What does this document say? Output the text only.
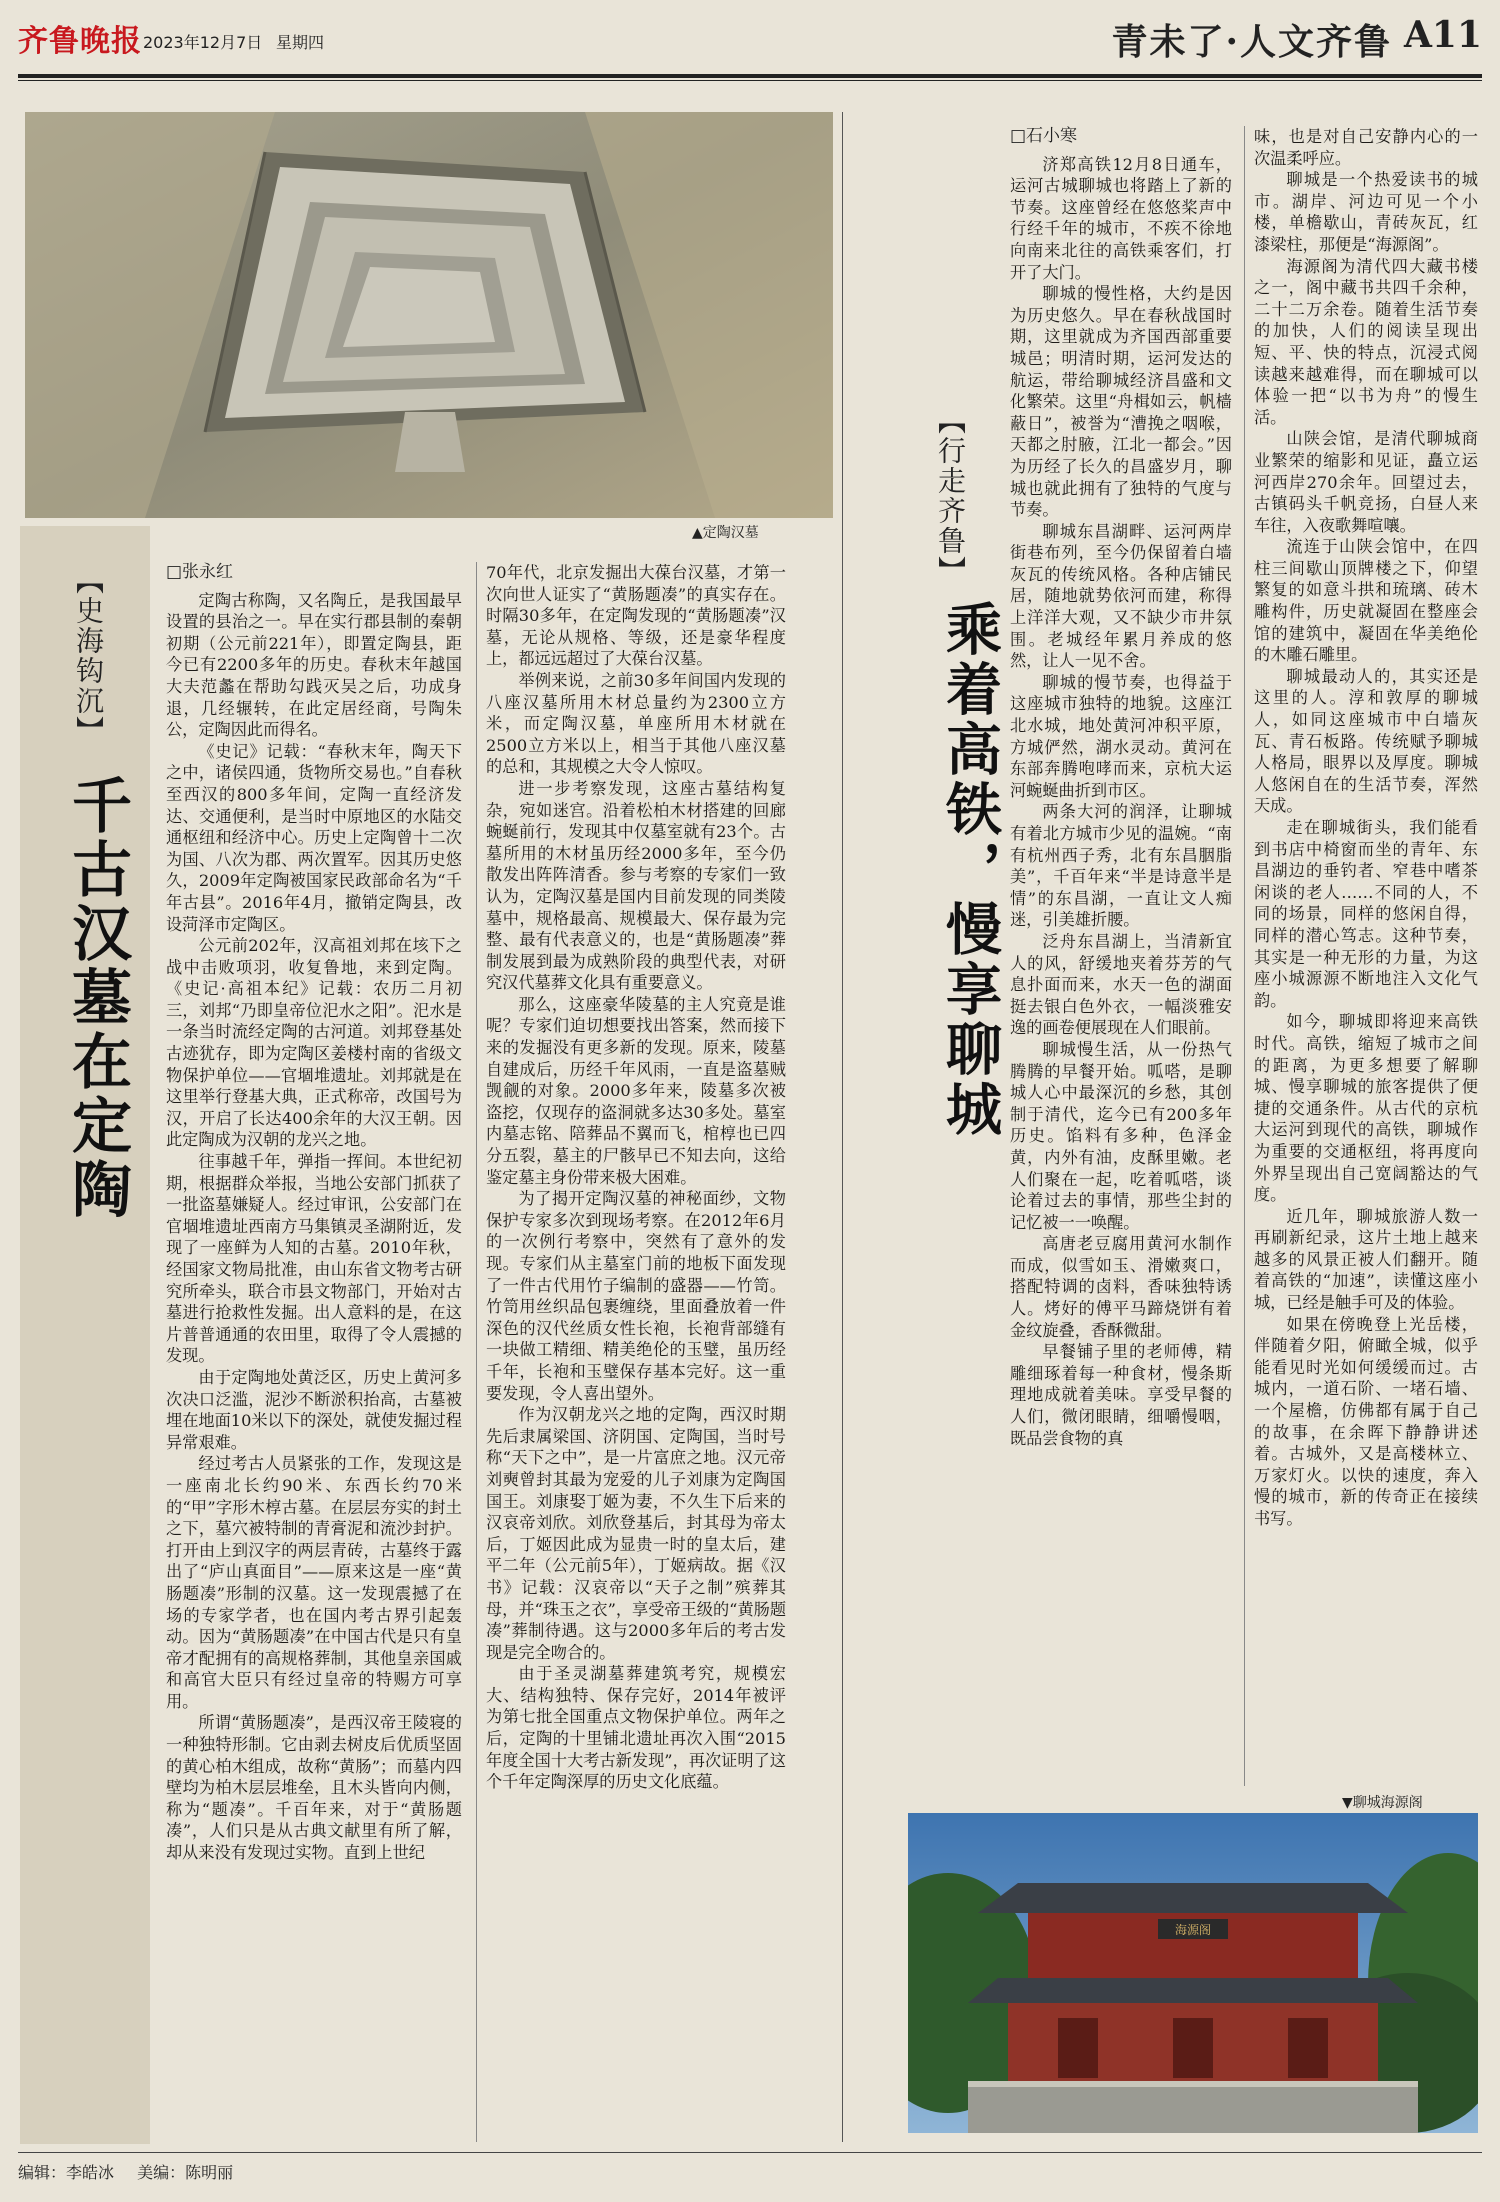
齐鲁晚报 2023年12月7日 星期四	青未了·人文齐鲁 A11
▲定陶汉墓
【史海钩沉】
千古汉墓在定陶
□张永红

定陶古称陶，又名陶丘，是我国最早设置的县治之一。早在实行郡县制的秦朝初期（公元前221年），即置定陶县，距今已有2200多年的历史。春秋末年越国大夫范蠡在帮助勾践灭吴之后，功成身退，几经辗转，在此定居经商，号陶朱公，定陶因此而得名。

《史记》记载：“春秋末年，陶天下之中，诸侯四通，货物所交易也。”自春秋至西汉的800多年间，定陶一直经济发达、交通便利，是当时中原地区的水陆交通枢纽和经济中心。历史上定陶曾十二次为国、八次为郡、两次置军。因其历史悠久，2009年定陶被国家民政部命名为“千年古县”。2016年4月，撤销定陶县，改设菏泽市定陶区。

公元前202年，汉高祖刘邦在垓下之战中击败项羽，收复鲁地，来到定陶。《史记·高祖本纪》记载：农历二月初三，刘邦“乃即皇帝位汜水之阳”。汜水是一条当时流经定陶的古河道。刘邦登基处古迹犹存，即为定陶区姜楼村南的省级文物保护单位——官堌堆遗址。刘邦就是在这里举行登基大典，正式称帝，改国号为汉，开启了长达400余年的大汉王朝。因此定陶成为汉朝的龙兴之地。

往事越千年，弹指一挥间。本世纪初期，根据群众举报，当地公安部门抓获了一批盗墓嫌疑人。经过审讯，公安部门在官堌堆遗址西南方马集镇灵圣湖附近，发现了一座鲜为人知的古墓。2010年秋，经国家文物局批准，由山东省文物考古研究所牵头，联合市县文物部门，开始对古墓进行抢救性发掘。出人意料的是，在这片普普通通的农田里，取得了令人震撼的发现。

由于定陶地处黄泛区，历史上黄河多次决口泛滥，泥沙不断淤积抬高，古墓被埋在地面10米以下的深处，就使发掘过程异常艰难。

经过考古人员紧张的工作，发现这是一座南北长约90米、东西长约70米的“甲”字形木椁古墓。在层层夯实的封土之下，墓穴被特制的青膏泥和流沙封护。打开由上到汉字的两层青砖，古墓终于露出了“庐山真面目”——原来这是一座“黄肠题凑”形制的汉墓。这一发现震撼了在场的专家学者，也在国内考古界引起轰动。因为“黄肠题凑”在中国古代是只有皇帝才配拥有的高规格葬制，其他皇亲国戚和高官大臣只有经过皇帝的特赐方可享用。

所谓“黄肠题凑”，是西汉帝王陵寝的一种独特形制。它由剥去树皮后优质坚固的黄心柏木组成，故称“黄肠”；而墓内四壁均为柏木层层堆垒，且木头皆向内侧，称为“题凑”。千百年来，对于“黄肠题凑”，人们只是从古典文献里有所了解，却从来没有发现过实物。直到上世纪

70年代，北京发掘出大葆台汉墓，才第一次向世人证实了“黄肠题凑”的真实存在。时隔30多年，在定陶发现的“黄肠题凑”汉墓，无论从规格、等级，还是豪华程度上，都远远超过了大葆台汉墓。

举例来说，之前30多年间国内发现的八座汉墓所用木材总量约为2300立方米，而定陶汉墓，单座所用木材就在2500立方米以上，相当于其他八座汉墓的总和，其规模之大令人惊叹。

进一步考察发现，这座古墓结构复杂，宛如迷宫。沿着松柏木材搭建的回廊蜿蜒前行，发现其中仅墓室就有23个。古墓所用的木材虽历经2000多年，至今仍散发出阵阵清香。参与考察的专家们一致认为，定陶汉墓是国内目前发现的同类陵墓中，规格最高、规模最大、保存最为完整、最有代表意义的，也是“黄肠题凑”葬制发展到最为成熟阶段的典型代表，对研究汉代墓葬文化具有重要意义。

那么，这座豪华陵墓的主人究竟是谁呢？专家们迫切想要找出答案，然而接下来的发掘没有更多新的发现。原来，陵墓自建成后，历经千年风雨，一直是盗墓贼觊觎的对象。2000多年来，陵墓多次被盗挖，仅现存的盗洞就多达30多处。墓室内墓志铭、陪葬品不翼而飞，棺椁也已四分五裂，墓主的尸骸早已不知去向，这给鉴定墓主身份带来极大困难。

为了揭开定陶汉墓的神秘面纱，文物保护专家多次到现场考察。在2012年6月的一次例行考察中，突然有了意外的发现。专家们从主墓室门前的地板下面发现了一件古代用竹子编制的盛器——竹笥。竹笥用丝织品包裹缠绕，里面叠放着一件深色的汉代丝质女性长袍，长袍背部缝有一块做工精细、精美绝伦的玉璧，虽历经千年，长袍和玉璧保存基本完好。这一重要发现，令人喜出望外。

作为汉朝龙兴之地的定陶，西汉时期先后隶属梁国、济阴国、定陶国，当时号称“天下之中”，是一片富庶之地。汉元帝刘奭曾封其最为宠爱的儿子刘康为定陶国国王。刘康娶丁姬为妻，不久生下后来的汉哀帝刘欣。刘欣登基后，封其母为帝太后，丁姬因此成为显贵一时的皇太后，建平二年（公元前5年），丁姬病故。据《汉书》记载：汉哀帝以“天子之制”殡葬其母，并“珠玉之衣”，享受帝王级的“黄肠题凑”葬制待遇。这与2000多年后的考古发现是完全吻合的。

由于圣灵湖墓葬建筑考究，规模宏大、结构独特、保存完好，2014年被评为第七批全国重点文物保护单位。两年之后，定陶的十里铺北遗址再次入围“2015年度全国十大考古新发现”，再次证明了这个千年定陶深厚的历史文化底蕴。

【行走齐鲁】
乘着高铁，慢享聊城
□石小寒

济郑高铁12月8日通车，运河古城聊城也将踏上了新的节奏。这座曾经在悠悠桨声中行经千年的城市，不疾不徐地向南来北往的高铁乘客们，打开了大门。

聊城的慢性格，大约是因为历史悠久。早在春秋战国时期，这里就成为齐国西部重要城邑；明清时期，运河发达的航运，带给聊城经济昌盛和文化繁荣。这里“舟楫如云，帆樯蔽日”，被誉为“漕挽之咽喉，天都之肘腋，江北一都会。”因为历经了长久的昌盛岁月，聊城也就此拥有了独特的气度与节奏。

聊城东昌湖畔、运河两岸街巷布列，至今仍保留着白墙灰瓦的传统风格。各种店铺民居，随地就势依河而建，称得上洋洋大观，又不缺少市井氛围。老城经年累月养成的悠然，让人一见不舍。

聊城的慢节奏，也得益于这座城市独特的地貌。这座江北水城，地处黄河冲积平原，方城俨然，湖水灵动。黄河在东部奔腾咆哮而来，京杭大运河蜿蜒曲折到市区。

两条大河的润泽，让聊城有着北方城市少见的温婉。“南有杭州西子秀，北有东昌胭脂美”，千百年来“半是诗意半是情”的东昌湖，一直让文人痴迷，引美雄折腰。

泛舟东昌湖上，当清新宜人的风，舒缓地夹着芬芳的气息扑面而来，水天一色的湖面挺去银白色外衣，一幅淡雅安逸的画卷便展现在人们眼前。

聊城慢生活，从一份热气腾腾的早餐开始。呱嗒，是聊城人心中最深沉的乡愁，其创制于清代，迄今已有200多年历史。馅料有多种，色泽金黄，内外有油，皮酥里嫩。老人们聚在一起，吃着呱嗒，谈论着过去的事情，那些尘封的记忆被一一唤醒。

高唐老豆腐用黄河水制作而成，似雪如玉、滑嫩爽口，搭配特调的卤料，香味独特诱人。烤好的傅平马蹄烧饼有着金纹旋叠，香酥微甜。

早餐铺子里的老师傅，精雕细琢着每一种食材，慢条斯理地成就着美味。享受早餐的人们，微闭眼睛，细嚼慢咽，既品尝食物的真

味，也是对自己安静内心的一次温柔呼应。

聊城是一个热爱读书的城市。湖岸、河边可见一个小楼，单檐歇山，青砖灰瓦，红漆梁柱，那便是“海源阁”。

海源阁为清代四大藏书楼之一，阁中藏书共四千余种，二十二万余卷。随着生活节奏的加快，人们的阅读呈现出短、平、快的特点，沉浸式阅读越来越难得，而在聊城可以体验一把“以书为舟”的慢生活。

山陕会馆，是清代聊城商业繁荣的缩影和见证，矗立运河西岸270余年。回望过去，古镇码头千帆竞扬，白昼人来车往，入夜歌舞喧嚷。

流连于山陕会馆中，在四柱三间歇山顶牌楼之下，仰望繁复的如意斗拱和琉璃、砖木雕构件，历史就凝固在整座会馆的建筑中，凝固在华美绝伦的木雕石雕里。

聊城最动人的，其实还是这里的人。淳和敦厚的聊城人，如同这座城市中白墙灰瓦、青石板路。传统赋予聊城人格局，眼界以及厚度。聊城人悠闲自在的生活节奏，浑然天成。

走在聊城街头，我们能看到书店中椅窗而坐的青年、东昌湖边的垂钓者、窄巷中嗜茶闲谈的老人……不同的人，不同的场景，同样的悠闲自得，同样的潜心笃志。这种节奏，其实是一种无形的力量，为这座小城源源不断地注入文化气韵。

如今，聊城即将迎来高铁时代。高铁，缩短了城市之间的距离，为更多想要了解聊城、慢享聊城的旅客提供了便捷的交通条件。从古代的京杭大运河到现代的高铁，聊城作为重要的交通枢纽，将再度向外界呈现出自己宽阔豁达的气度。

近几年，聊城旅游人数一再刷新纪录，这片土地上越来越多的风景正被人们翻开。随着高铁的“加速”，读懂这座小城，已经是触手可及的体验。

如果在傍晚登上光岳楼，伴随着夕阳，俯瞰全城，似乎能看见时光如何缓缓而过。古城内，一道石阶、一堵石墙、一个屋檐，仿佛都有属于自己的故事，在余晖下静静讲述着。古城外，又是高楼林立、万家灯火。以快的速度，奔入慢的城市，新的传奇正在接续书写。

▼聊城海源阁
海源阁
编辑：李皓冰 美编：陈明丽
